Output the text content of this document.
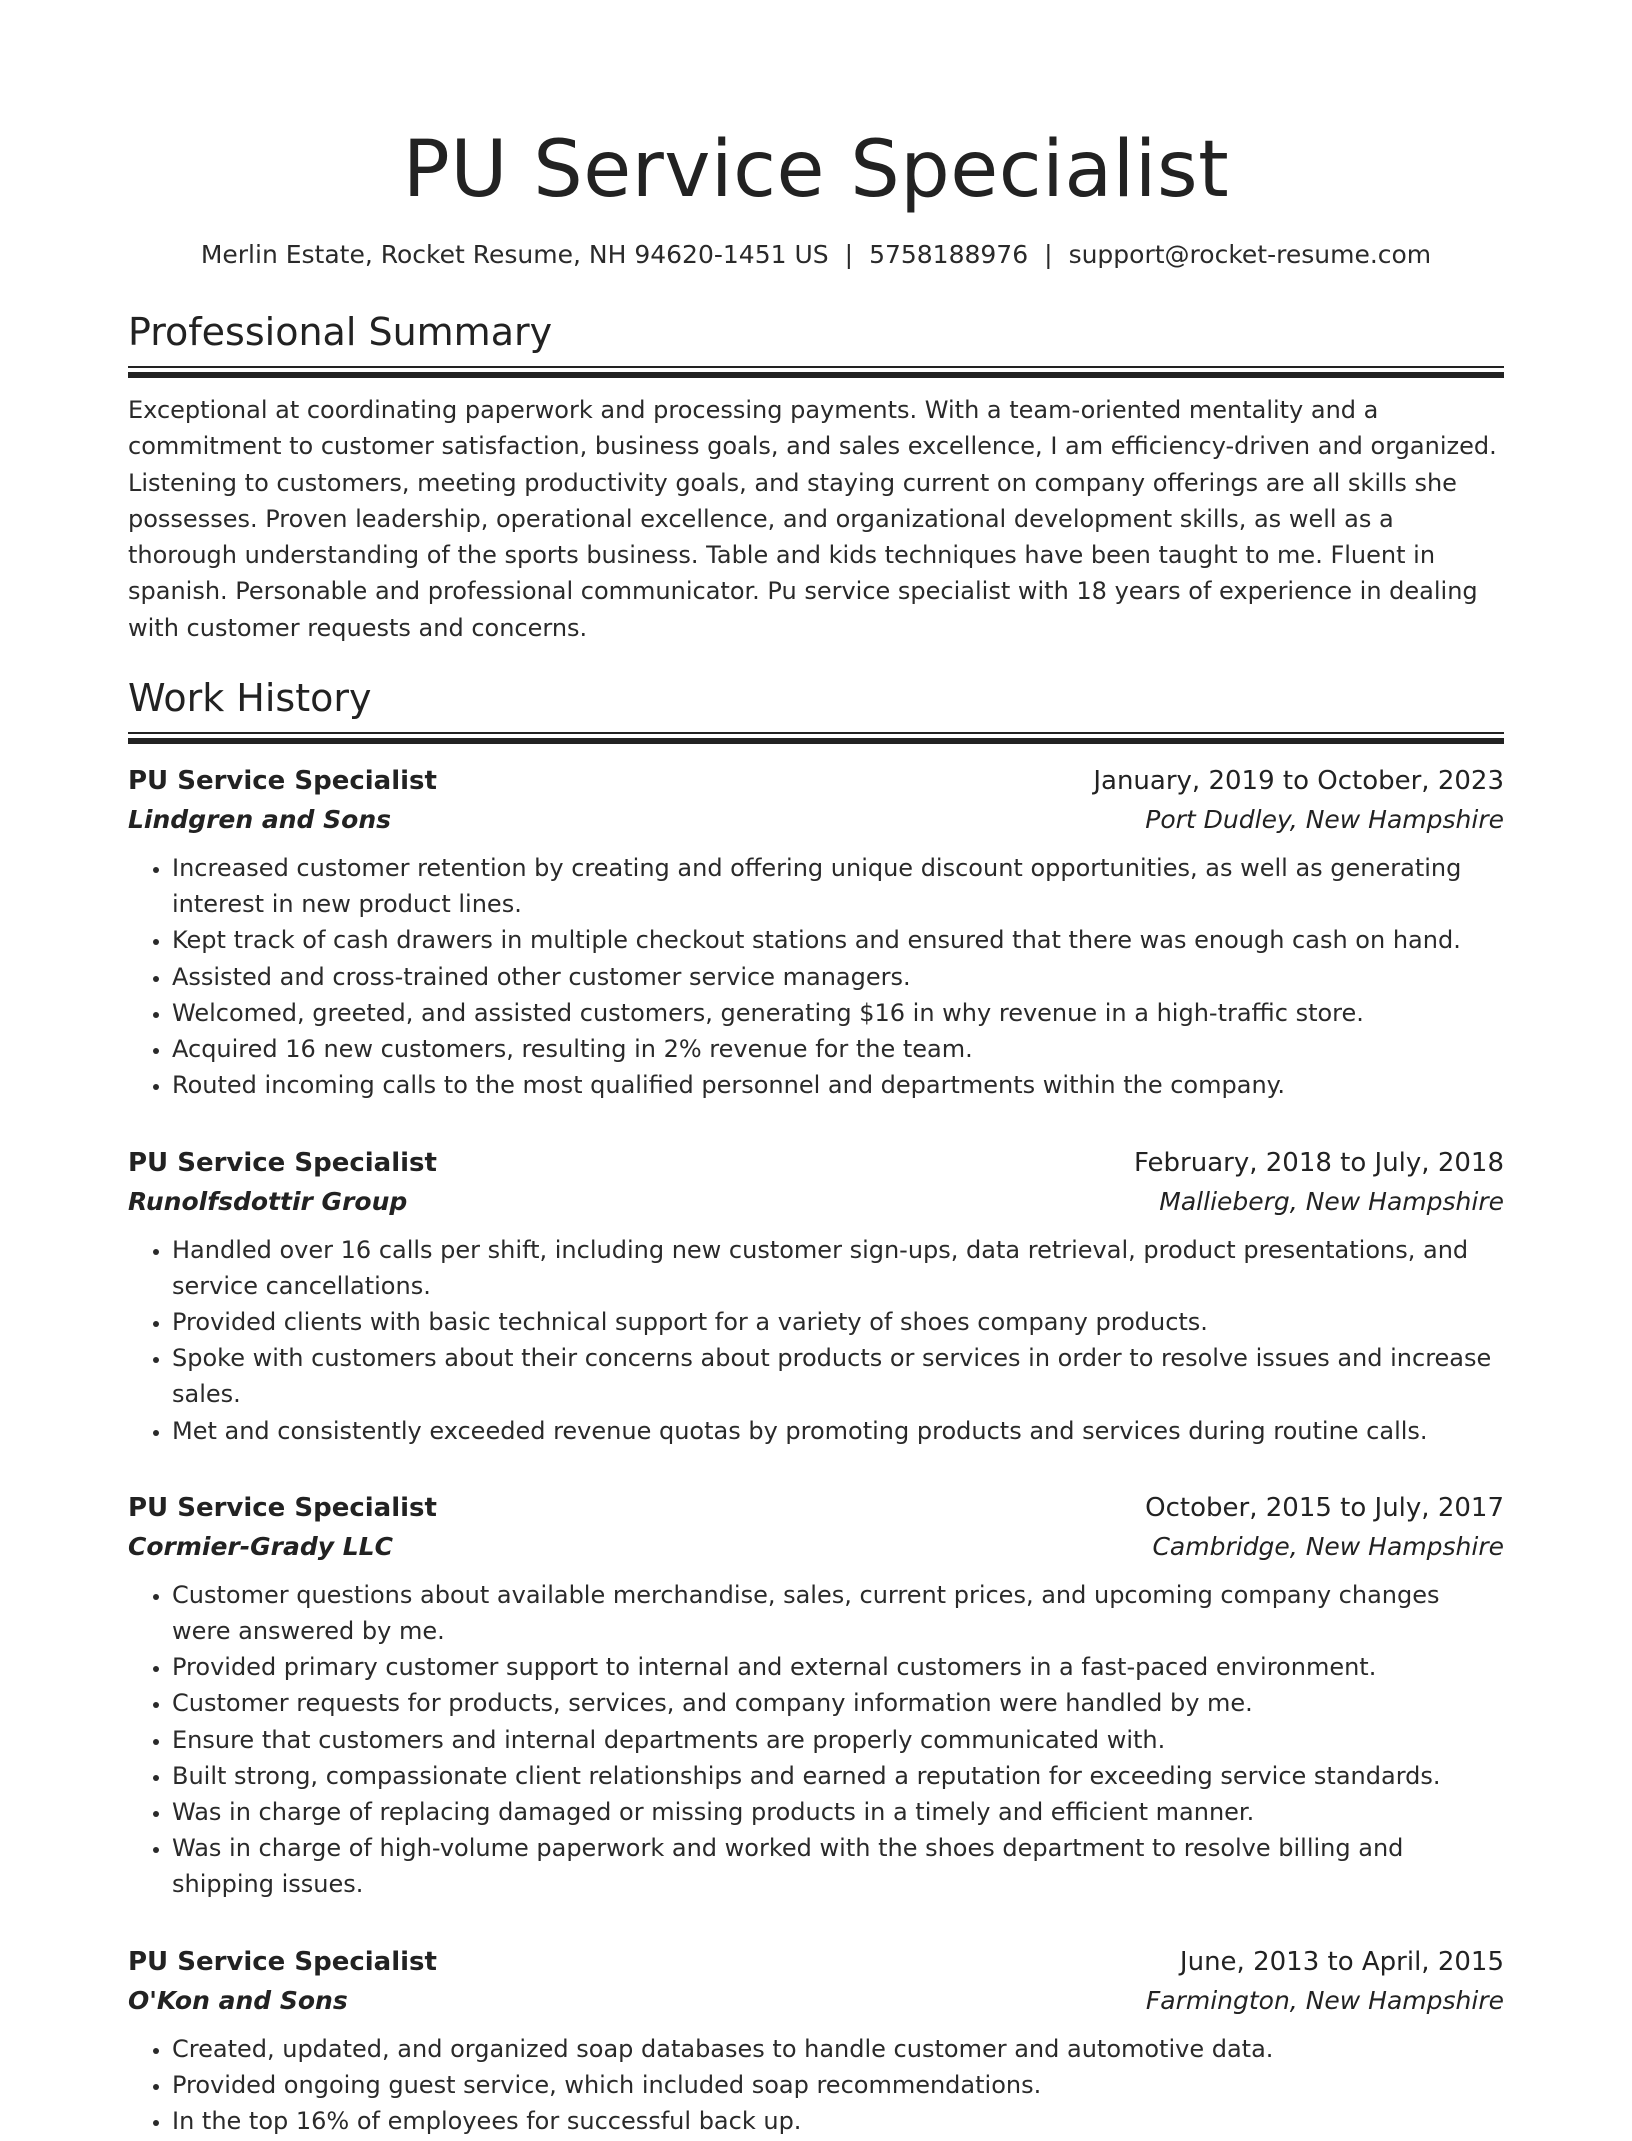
PU Service Specialist
Merlin Estate, Rocket Resume, NH 94620-1451 US | 5758188976 | support@rocket-resume.com
Professional Summary

Exceptional at coordinating paperwork and processing payments. With a team-oriented mentality and a commitment to customer satisfaction, business goals, and sales excellence, I am efficiency-driven and organized. Listening to customers, meeting productivity goals, and staying current on company offerings are all skills she possesses. Proven leadership, operational excellence, and organizational development skills, as well as a thorough understanding of the sports business. Table and kids techniques have been taught to me. Fluent in spanish. Personable and professional communicator. Pu service specialist with 18 years of experience in dealing with customer requests and concerns.

Work History
PU Service Specialist	January, 2019 to October, 2023
Lindgren and Sons	Port Dudley, New Hampshire
• Increased customer retention by creating and offering unique discount opportunities, as well as generating interest in new product lines.
• Kept track of cash drawers in multiple checkout stations and ensured that there was enough cash on hand.
• Assisted and cross-trained other customer service managers.
• Welcomed, greeted, and assisted customers, generating $16 in why revenue in a high-traffic store.
• Acquired 16 new customers, resulting in 2% revenue for the team.
• Routed incoming calls to the most qualified personnel and departments within the company.
PU Service Specialist	February, 2018 to July, 2018
Runolfsdottir Group	Mallieberg, New Hampshire
• Handled over 16 calls per shift, including new customer sign-ups, data retrieval, product presentations, and service cancellations.
• Provided clients with basic technical support for a variety of shoes company products.
• Spoke with customers about their concerns about products or services in order to resolve issues and increase sales.
• Met and consistently exceeded revenue quotas by promoting products and services during routine calls.
PU Service Specialist	October, 2015 to July, 2017
Cormier-Grady LLC	Cambridge, New Hampshire
• Customer questions about available merchandise, sales, current prices, and upcoming company changes were answered by me.
• Provided primary customer support to internal and external customers in a fast-paced environment.
• Customer requests for products, services, and company information were handled by me.
• Ensure that customers and internal departments are properly communicated with.
• Built strong, compassionate client relationships and earned a reputation for exceeding service standards.
• Was in charge of replacing damaged or missing products in a timely and efficient manner.
• Was in charge of high-volume paperwork and worked with the shoes department to resolve billing and shipping issues.
PU Service Specialist	June, 2013 to April, 2015
O'Kon and Sons	Farmington, New Hampshire
• Created, updated, and organized soap databases to handle customer and automotive data.
• Provided ongoing guest service, which included soap recommendations.
• In the top 16% of employees for successful back up.
